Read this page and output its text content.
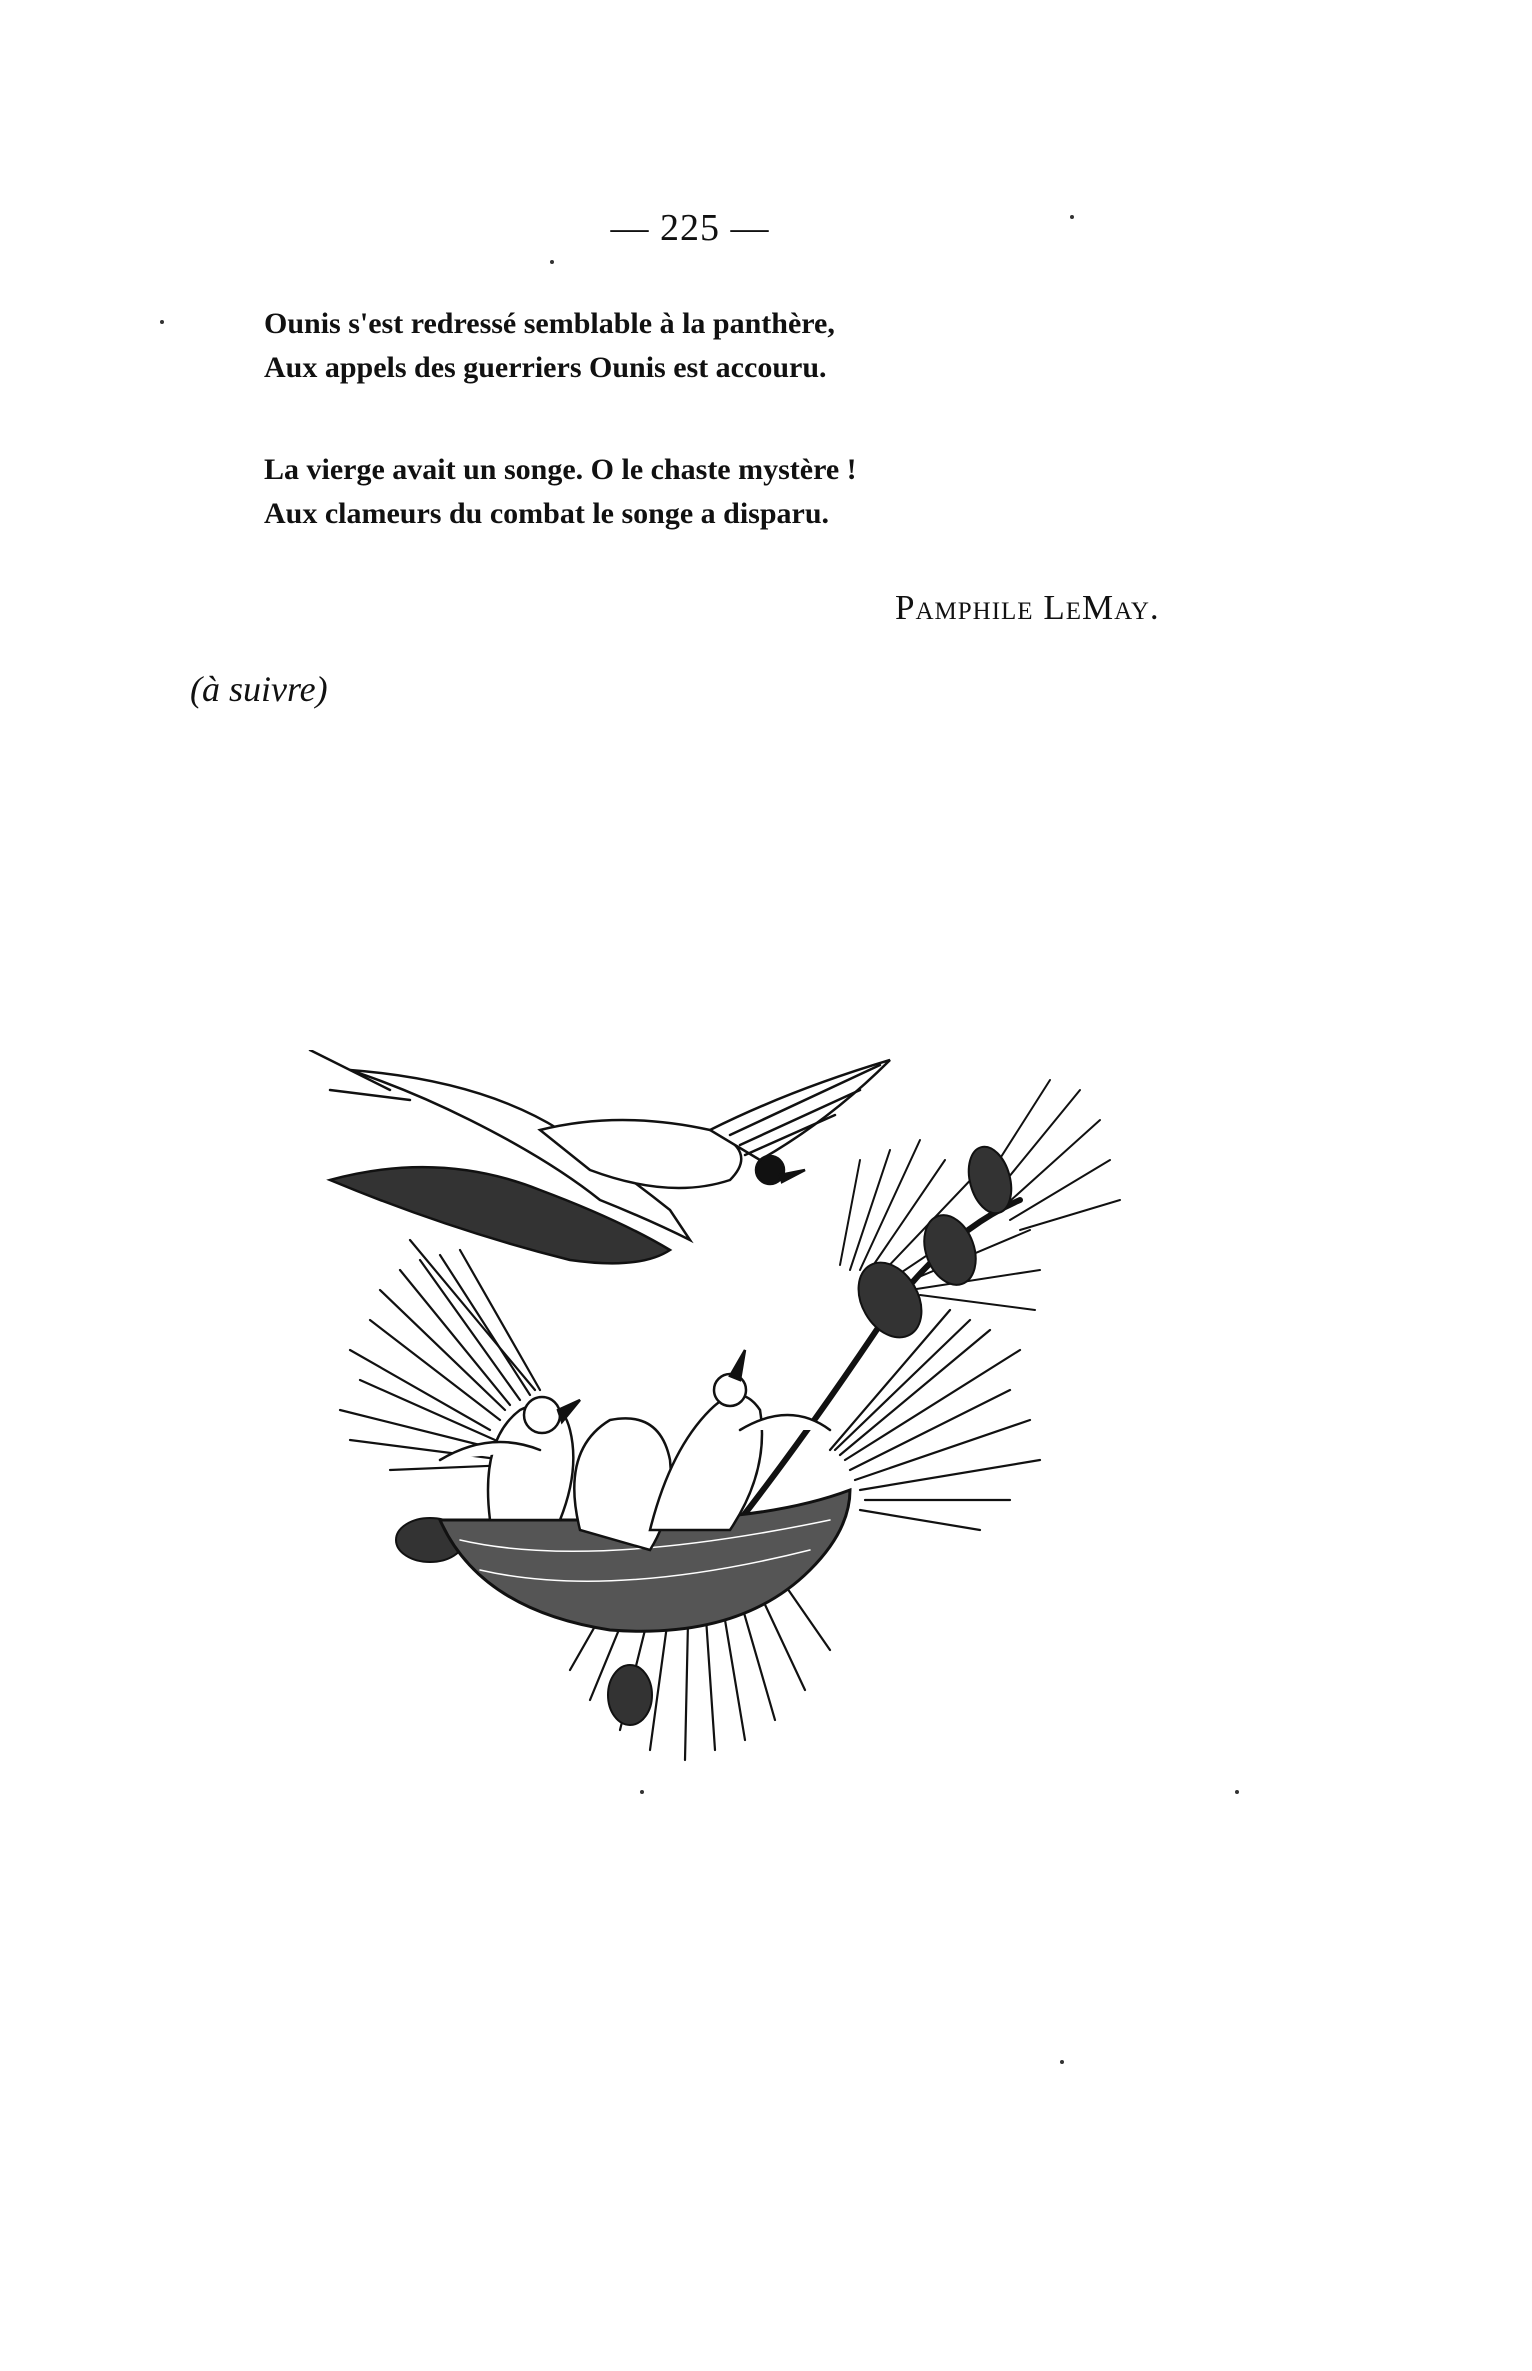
— 225 —
Ounis s'est redressé semblable à la panthère,
Aux appels des guerriers Ounis est accouru.
La vierge avait un songe. O le chaste mystère !
Aux clameurs du combat le songe a disparu.
Pamphile LeMay.
(à suivre)
